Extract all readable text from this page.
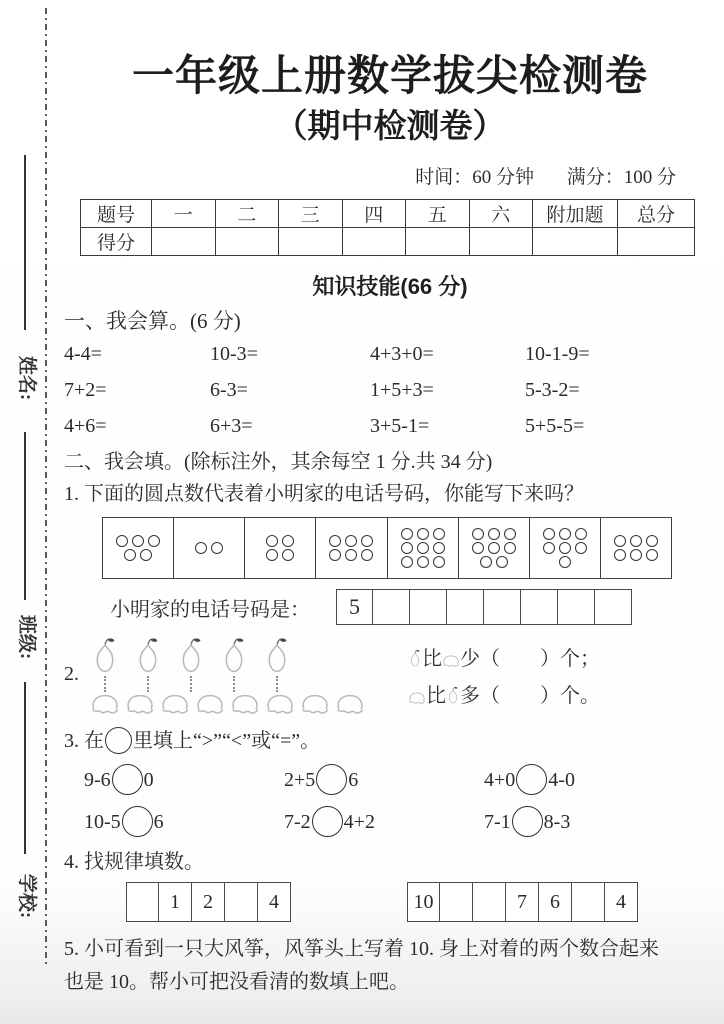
姓名:
班级:
学校:
一年级上册数学拔尖检测卷
（期中检测卷）
时间：60 分钟 满分：100 分
题号	一	二	三	四	五	六	附加题	总分
得分								
知识技能(66 分)
一、我会算。(6 分)
4-4=	10-3=	4+3+0=	10-1-9=
7+2=	6-3=	1+5+3=	5-3-2=
4+6=	6+3=	3+5-1=	5+5-5=
二、我会填。(除标注外，其余每空 1 分.共 34 分)
1. 下面的圆点数代表着小明家的电话号码，你能写下来吗？
小明家的电话号码是：	5
2.
比 少（　　）个；
比 多（　　）个。
3. 在 里填上“>”“<”或“=”。
9-6 0	2+5 6	4+0 4-0
10-5 6	7-2 4+2	7-1 8-3
4. 找规律填数。
1	2	4	10	7	6	4
5. 小可看到一只大风筝，风筝头上写着 10. 身上对着的两个数合起来
也是 10。帮小可把没看清的数填上吧。
